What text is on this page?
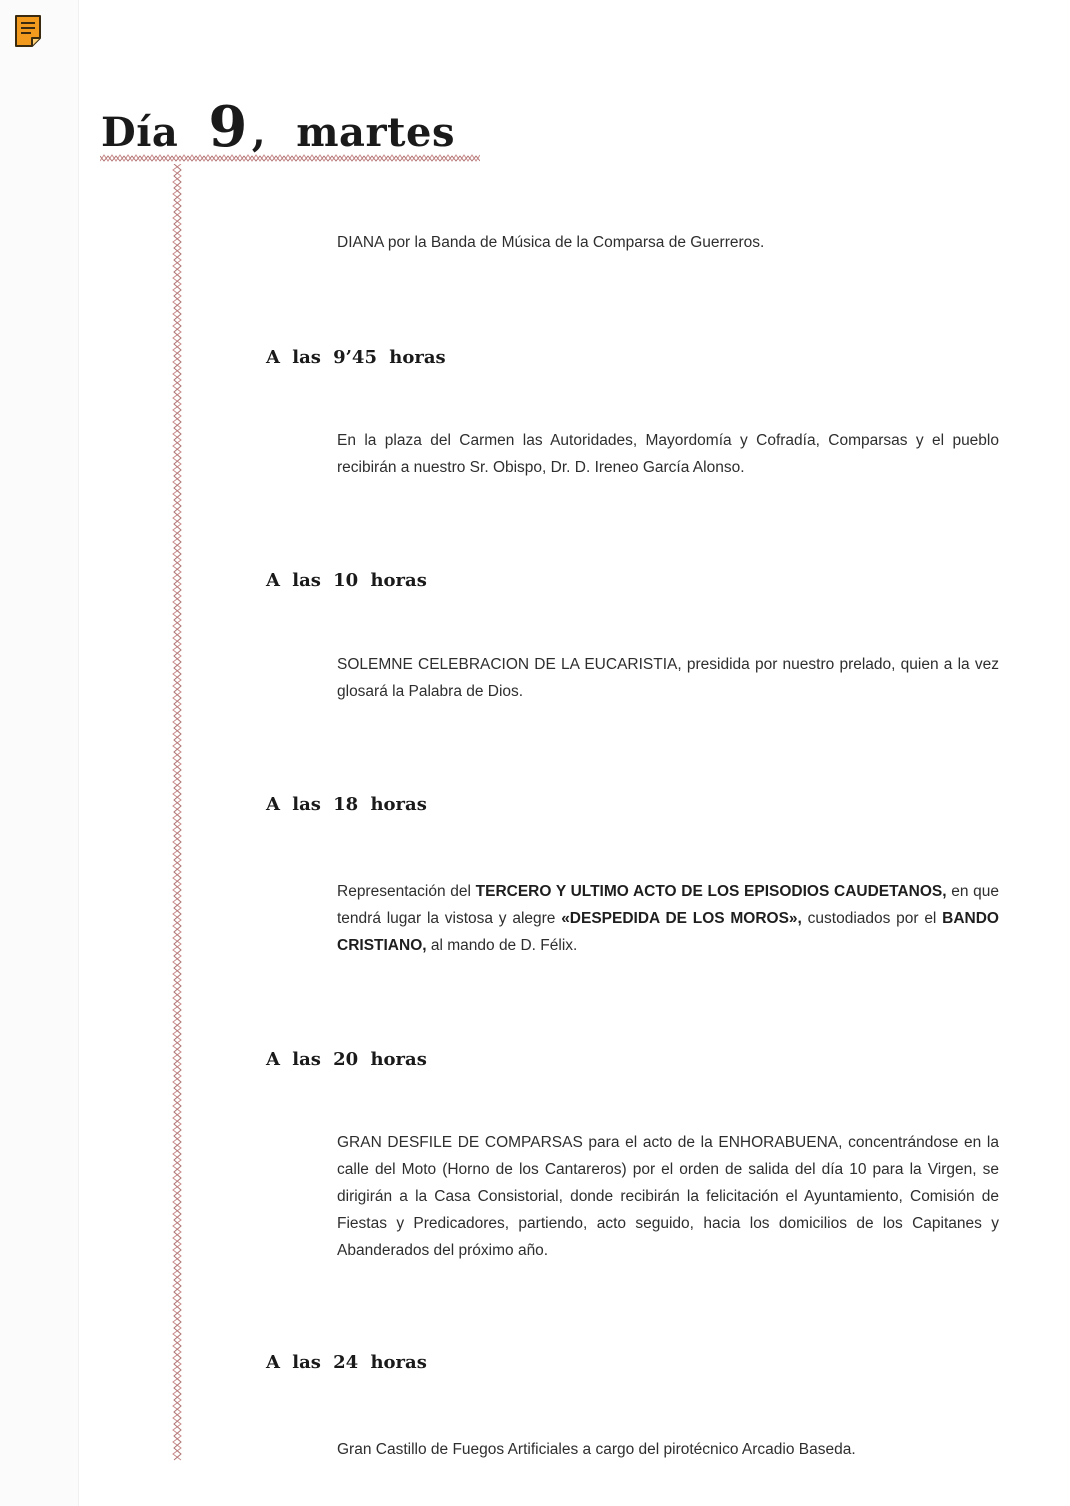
Día 9 , martes

DIANA por la Banda de Música de la Comparsa de Guerreros.

A las 9’45 horas

En la plaza del Carmen las Autoridades, Mayordomía y Cofradía, Comparsas y el pueblo recibirán a nuestro Sr. Obispo, Dr. D. Ireneo García Alonso.

A las 10 horas

SOLEMNE CELEBRACION DE LA EUCARISTIA, presidida por nuestro prelado, quien a la vez glosará la Palabra de Dios.

A las 18 horas

Representación del TERCERO Y ULTIMO ACTO DE LOS EPISODIOS CAUDETANOS, en que tendrá lugar la vistosa y alegre «DESPEDIDA DE LOS MOROS», custodiados por el BANDO CRISTIANO, al mando de D. Félix.

A las 20 horas

GRAN DESFILE DE COMPARSAS para el acto de la ENHORABUENA, concentrándose en la calle del Moto (Horno de los Cantareros) por el orden de salida del día 10 para la Virgen, se dirigirán a la Casa Consistorial, donde recibirán la felicitación el Ayuntamiento, Comisión de Fiestas y Predicadores, partiendo, acto seguido, hacia los domicilios de los Capitanes y Abanderados del próximo año.

A las 24 horas

Gran Castillo de Fuegos Artificiales a cargo del pirotécnico Arcadio Baseda.
